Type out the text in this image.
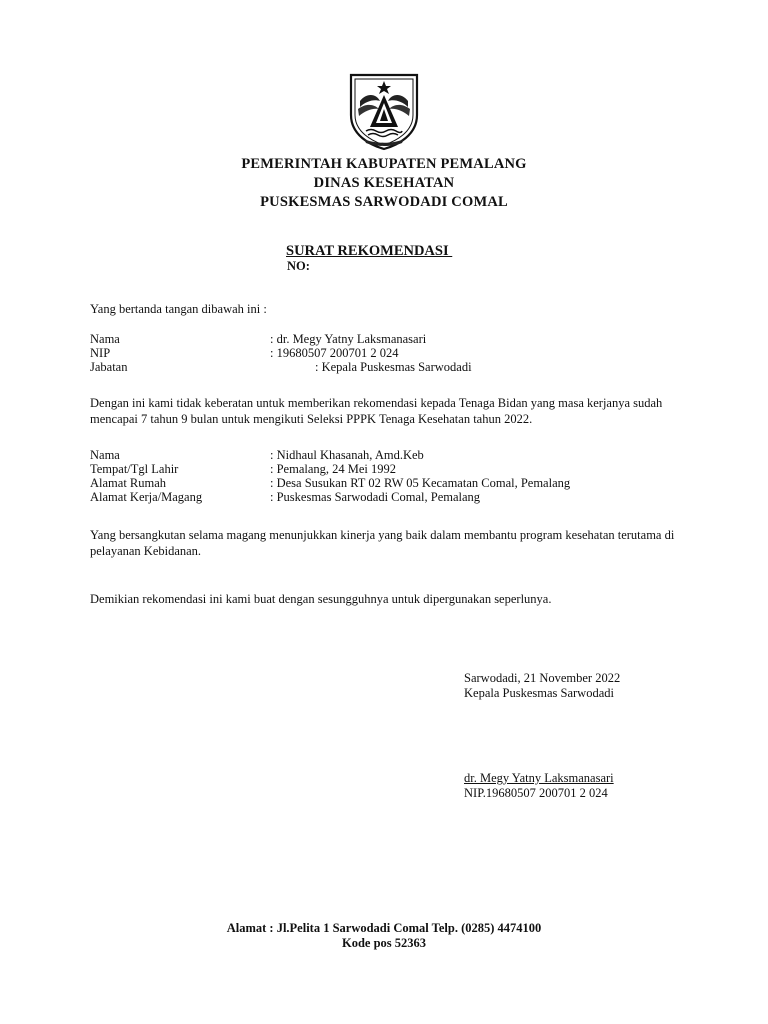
PEMERINTAH KABUPATEN PEMALANG
DINAS KESEHATAN
PUSKESMAS SARWODADI COMAL
SURAT REKOMENDASI
NO:
Yang bertanda tangan dibawah ini :
Nama	: dr. Megy Yatny Laksmanasari
NIP	: 19680507 200701 2 024
Jabatan	: Kepala Puskesmas Sarwodadi
Dengan ini kami tidak keberatan untuk memberikan rekomendasi kepada Tenaga Bidan yang masa kerjanya sudah mencapai 7 tahun 9 bulan untuk mengikuti Seleksi PPPK Tenaga Kesehatan tahun 2022.
Nama	: Nidhaul Khasanah, Amd.Keb
Tempat/Tgl Lahir	: Pemalang, 24 Mei 1992
Alamat Rumah	: Desa Susukan RT 02 RW 05 Kecamatan Comal, Pemalang
Alamat Kerja/Magang	: Puskesmas Sarwodadi Comal, Pemalang
Yang bersangkutan selama magang menunjukkan kinerja yang baik dalam membantu program kesehatan terutama di pelayanan Kebidanan.
Demikian rekomendasi ini kami buat dengan sesungguhnya untuk dipergunakan seperlunya.
Sarwodadi, 21 November 2022
Kepala Puskesmas Sarwodadi
dr. Megy Yatny Laksmanasari
NIP.19680507 200701 2 024
Alamat : Jl.Pelita 1 Sarwodadi Comal Telp. (0285) 4474100
Kode pos 52363
